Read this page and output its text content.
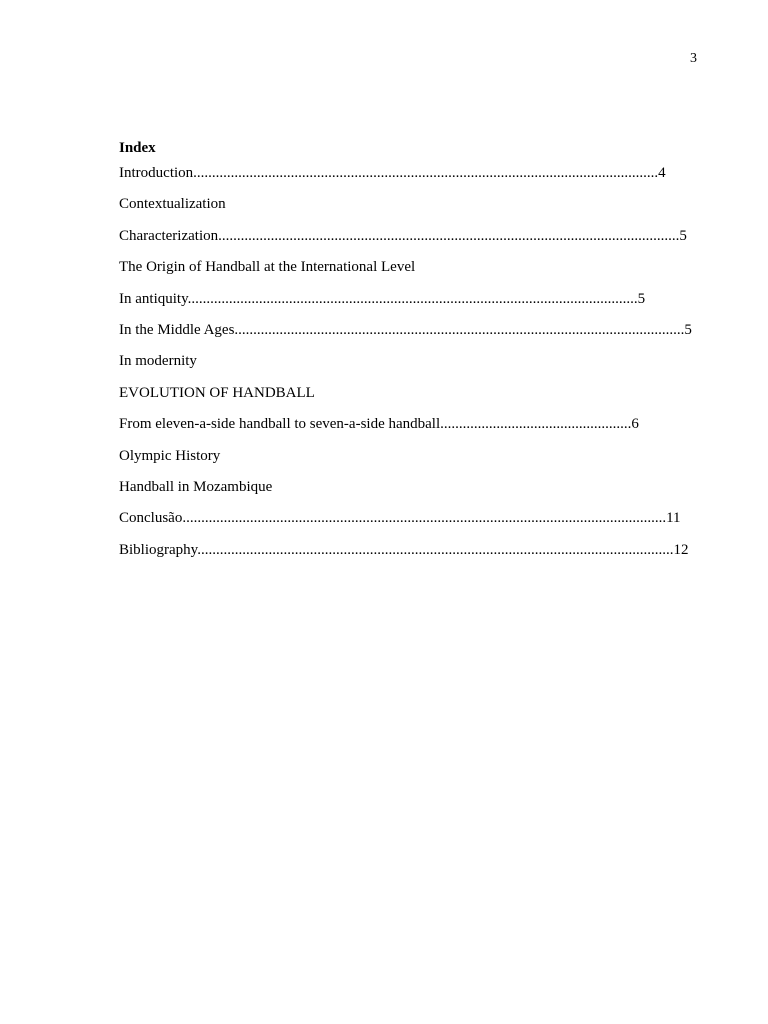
3
Index
Introduction............................................................................................................................4
Contextualization
Characterization...........................................................................................................................5
The Origin of Handball at the International Level
In antiquity........................................................................................................................5
In the Middle Ages........................................................................................................................5
In modernity
EVOLUTION OF HANDBALL
From eleven-a-side handball to seven-a-side handball...................................................6
Olympic History
Handball in Mozambique
Conclusão.................................................................................................................................11
Bibliography...............................................................................................................................12
